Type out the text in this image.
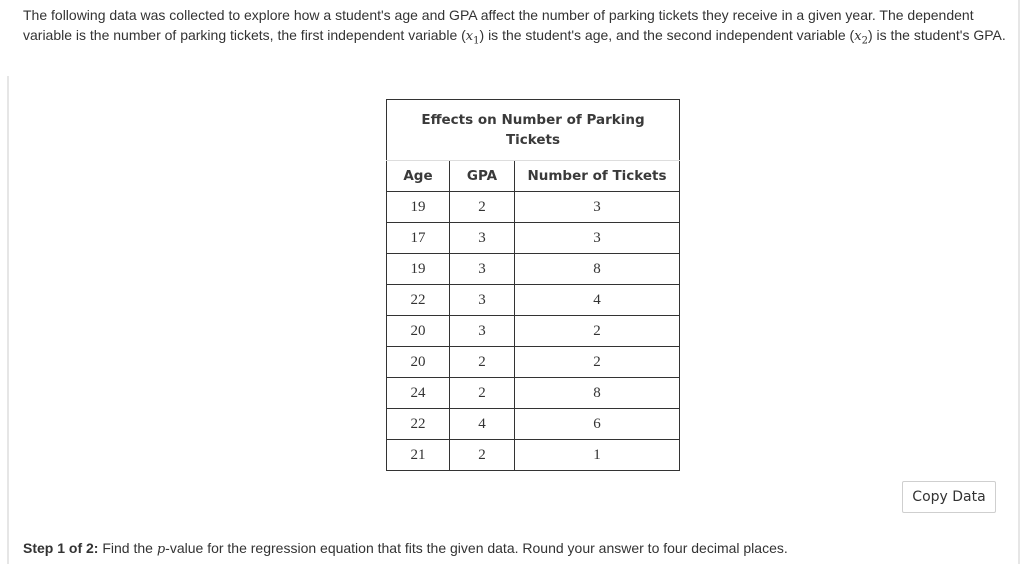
The following data was collected to explore how a student's age and GPA affect the number of parking tickets they receive in a given year. The dependent variable is the number of parking tickets, the first independent variable $(x_1)$ is the student's age, and the second independent variable $(x_2)$ is the student's GPA.

Effects on Number of Parking Tickets		
Age	GPA	Number of Tickets
19	2	3
17	3	3
19	3	8
22	3	4
20	3	2
20	2	2
24	2	8
22	4	6
21	2	1
Copy Data

Step 1 of 2: Find the p-value for the regression equation that fits the given data. Round your answer to four decimal places.
